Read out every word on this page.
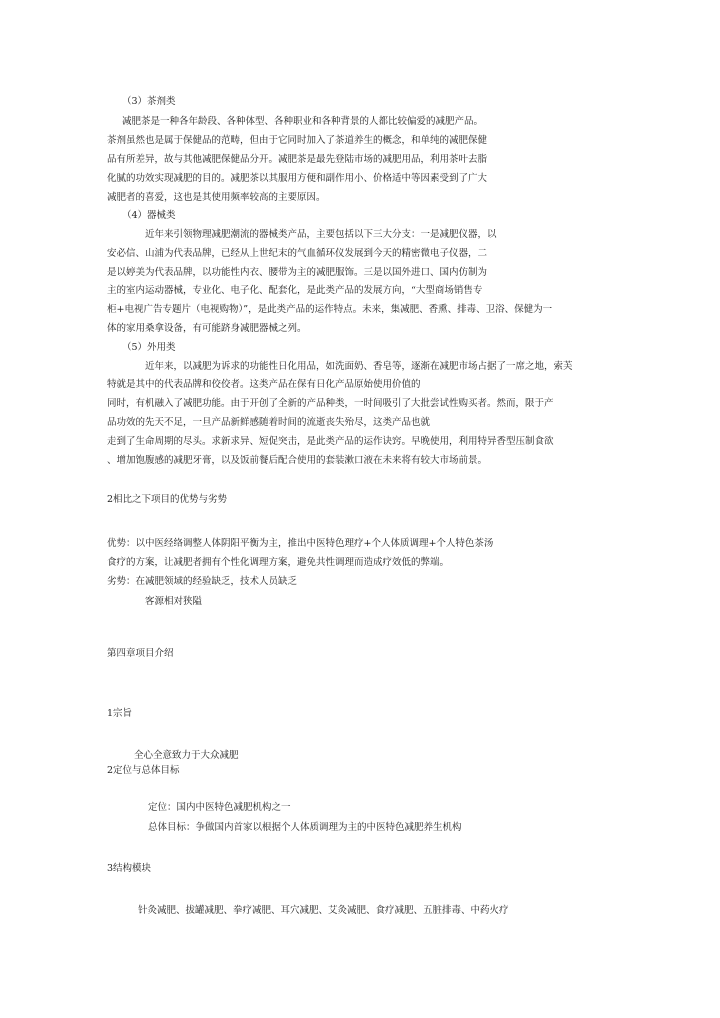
（3）茶剂类
减肥茶是一种各年龄段、各种体型、各种职业和各种背景的人都比较偏爱的减肥产品。
茶剂虽然也是属于保健品的范畴，但由于它同时加入了茶道养生的概念，和单纯的减肥保健
品有所差异，故与其他减肥保健品分开。减肥茶是最先登陆市场的减肥用品，利用茶叶去脂
化腻的功效实现减肥的目的。减肥茶以其服用方便和副作用小、价格适中等因素受到了广大
减肥者的喜爱，这也是其使用频率较高的主要原因。
（4）器械类
近年来引领物理减肥潮流的器械类产品，主要包括以下三大分支：一是减肥仪器，以
安必信、山浦为代表品牌，已经从上世纪末的气血循环仪发展到今天的精密微电子仪器，二
是以婷美为代表品牌，以功能性内衣、腰带为主的减肥服饰。三是以国外进口、国内仿制为
主的室内运动器械，专业化、电子化、配套化，是此类产品的发展方向，“大型商场销售专
柜+电视广告专题片（电视购物）”，是此类产品的运作特点。未来，集减肥、香熏、排毒、卫浴、保健为一
体的家用桑拿设备，有可能跻身减肥器械之列。
（5）外用类
近年来，以减肥为诉求的功能性日化用品，如洗面奶、香皂等，逐渐在减肥市场占据了一席之地，索芙
特就是其中的代表品牌和佼佼者。这类产品在保有日化产品原始使用价值的
同时，有机融入了减肥功能。由于开创了全新的产品种类，一时间吸引了大批尝试性购买者。然而，限于产
品功效的先天不足，一旦产品新鲜感随着时间的流逝丧失殆尽，这类产品也就
走到了生命周期的尽头。求新求异、短促突击，是此类产品的运作诀窍。早晚使用，利用特异香型压制食欲
、增加饱腹感的减肥牙膏，以及饭前餐后配合使用的套装漱口液在未来将有较大市场前景。
2相比之下项目的优势与劣势
优势：以中医经络调整人体阴阳平衡为主，推出中医特色理疗+个人体质调理+个人特色茶汤
食疗的方案，让减肥者拥有个性化调理方案，避免共性调理而造成疗效低的弊端。
劣势：在减肥领域的经验缺乏，技术人员缺乏
客源相对狭隘
第四章项目介绍
1宗旨
全心全意致力于大众减肥
2定位与总体目标
定位：国内中医特色减肥机构之一
总体目标：争做国内首家以根据个人体质调理为主的中医特色减肥养生机构
3结构模块
针灸减肥、拔罐减肥、拳疗减肥、耳穴减肥、艾灸减肥、食疗减肥、五脏排毒、中药火疗
